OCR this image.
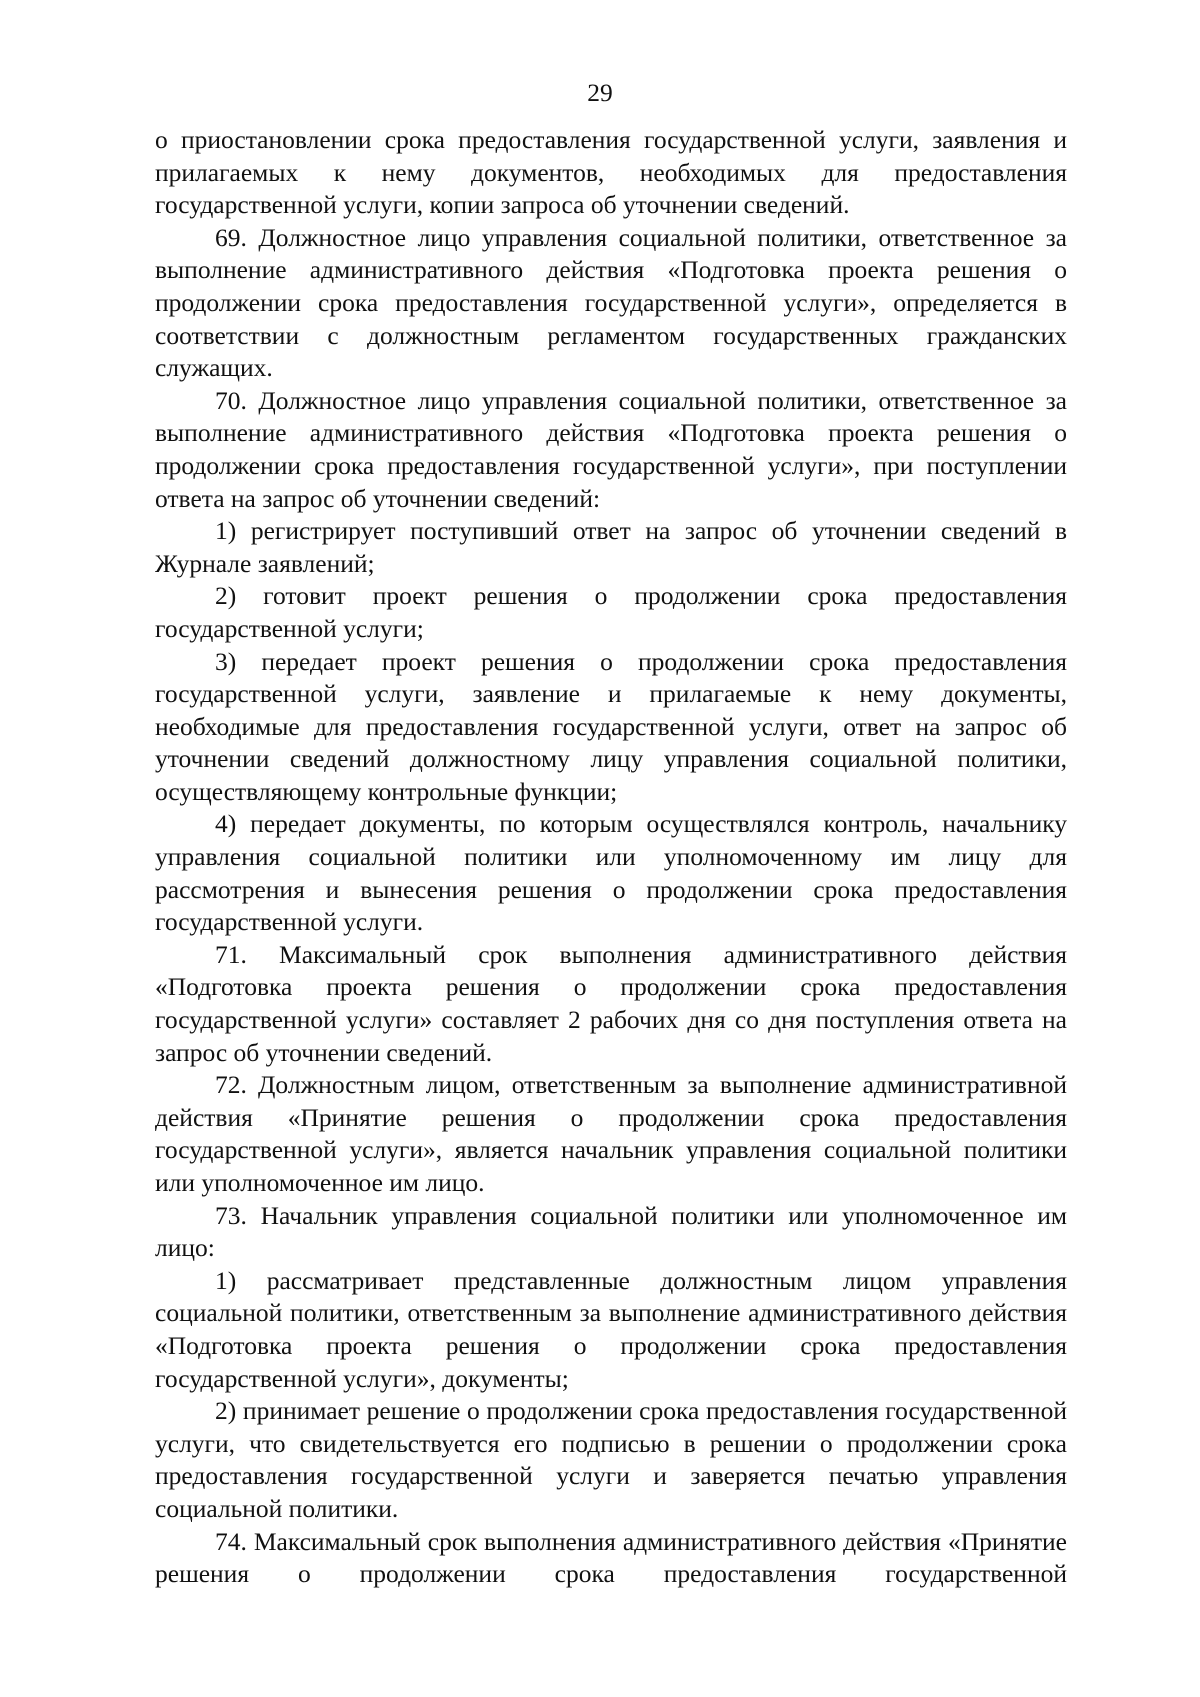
29

о приостановлении срока предоставления государственной услуги, заявления и прилагаемых к нему документов, необходимых для предоставления государственной услуги, копии запроса об уточнении сведений.

69. Должностное лицо управления социальной политики, ответственное за выполнение административного действия «Подготовка проекта решения о продолжении срока предоставления государственной услуги», определяется в соответствии с должностным регламентом государственных гражданских служащих.

70. Должностное лицо управления социальной политики, ответственное за выполнение административного действия «Подготовка проекта решения о продолжении срока предоставления государственной услуги», при поступлении ответа на запрос об уточнении сведений:

1) регистрирует поступивший ответ на запрос об уточнении сведений в Журнале заявлений;

2) готовит проект решения о продолжении срока предоставления государственной услуги;

3) передает проект решения о продолжении срока предоставления государственной услуги, заявление и прилагаемые к нему документы, необходимые для предоставления государственной услуги, ответ на запрос об уточнении сведений должностному лицу управления социальной политики, осуществляющему контрольные функции;

4) передает документы, по которым осуществлялся контроль, начальнику управления социальной политики или уполномоченному им лицу для рассмотрения и вынесения решения о продолжении срока предоставления государственной услуги.

71. Максимальный срок выполнения административного действия «Подготовка проекта решения о продолжении срока предоставления государственной услуги» составляет 2 рабочих дня со дня поступления ответа на запрос об уточнении сведений.

72. Должностным лицом, ответственным за выполнение административной действия «Принятие решения о продолжении срока предоставления государственной услуги», является начальник управления социальной политики или уполномоченное им лицо.

73. Начальник управления социальной политики или уполномоченное им лицо:

1) рассматривает представленные должностным лицом управления социальной политики, ответственным за выполнение административного действия «Подготовка проекта решения о продолжении срока предоставления государственной услуги», документы;

2) принимает решение о продолжении срока предоставления государственной услуги, что свидетельствуется его подписью в решении о продолжении срока предоставления государственной услуги и заверяется печатью управления социальной политики.

74. Максимальный срок выполнения административного действия «Принятие решения о продолжении срока предоставления государственной
